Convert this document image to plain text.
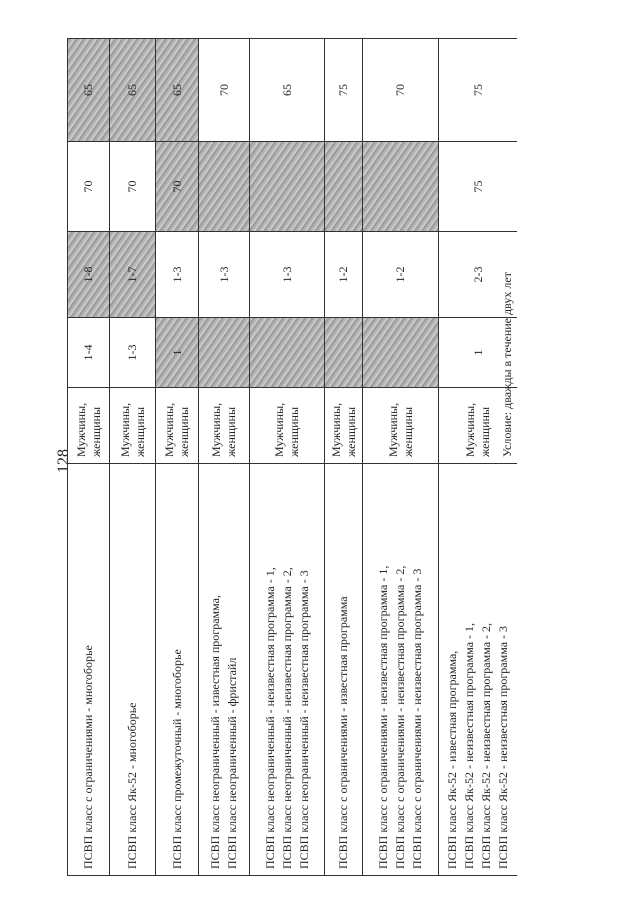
128
ПСВП класс с ограничениями - многоборье
Мужчины, женщины
1-4
1-8
70
65
ПСВП класс Як-52 - многоборье
Мужчины, женщины
1-3
1-7
70
65
ПСВП класс промежуточный - многоборье
Мужчины, женщины
1
1-3
70
65
ПСВП класс неограниченный - известная программа, ПСВП класс неограниченный - фристайл
Мужчины, женщины
1-3
70
ПСВП класс неограниченный - неизвестная программа - 1, ПСВП класс неограниченный - неизвестная программа - 2, ПСВП класс неограниченный - неизвестная программа - 3
Мужчины, женщины
1-3
65
ПСВП класс с ограничениями - известная программа
Мужчины, женщины
1-2
75
ПСВП класс с ограничениями - неизвестная программа - 1, ПСВП класс с ограничениями - неизвестная программа - 2, ПСВП класс с ограничениями - неизвестная программа - 3
Мужчины, женщины
1-2
70
ПСВП класс Як-52 - известная программа, ПСВП класс Як-52 - неизвестная программа - 1, ПСВП класс Як-52 - неизвестная программа - 2, ПСВП класс Як-52 - неизвестная программа - 3
Мужчины, женщины
1
2-3
75
75
Условие: дважды в течение двух лет
